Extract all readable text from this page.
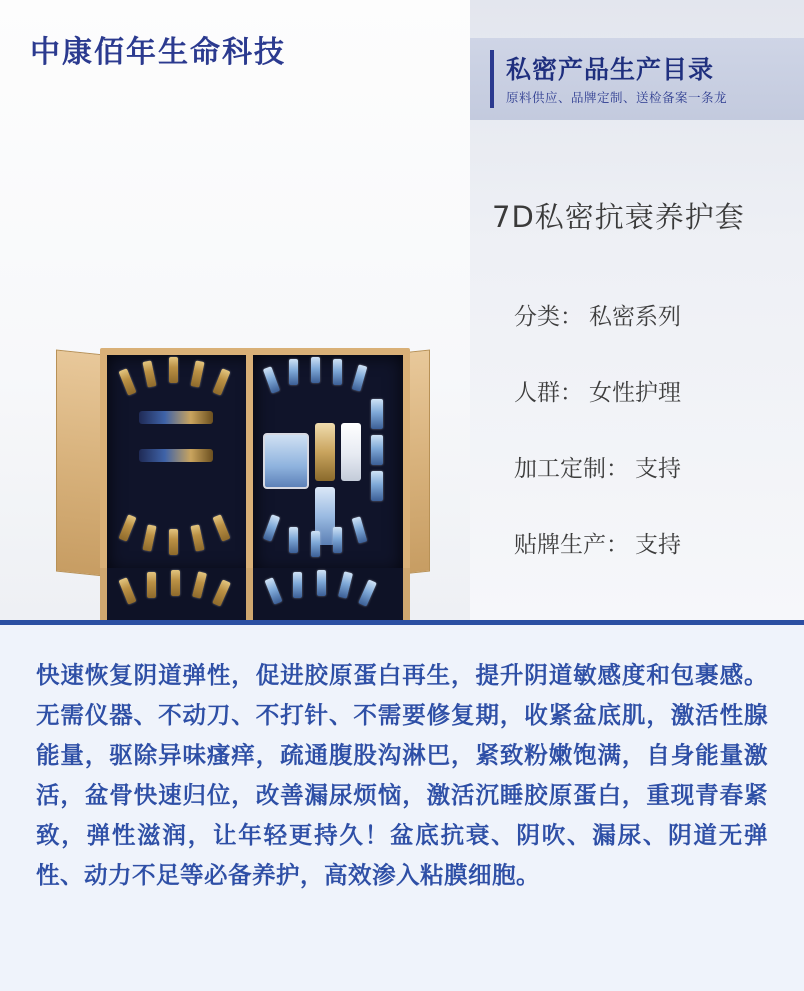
中康佰年生命科技	私密产品生产目录
原料供应、品牌定制、送检备案一条龙
7D私密抗衰养护套
分类： 私密系列
人群： 女性护理
加工定制： 支持
贴牌生产： 支持
快速恢复阴道弹性，促进胶原蛋白再生，提升阴道敏感度和包裹感。无需仪器、不动刀、不打针、不需要修复期，收紧盆底肌，激活性腺能量，驱除异味瘙痒，疏通腹股沟淋巴，紧致粉嫩饱满，自身能量激活，盆骨快速归位，改善漏尿烦恼，激活沉睡胶原蛋白，重现青春紧致，弹性滋润，让年轻更持久！盆底抗衰、阴吹、漏尿、阴道无弹性、动力不足等必备养护，高效渗入粘膜细胞。
